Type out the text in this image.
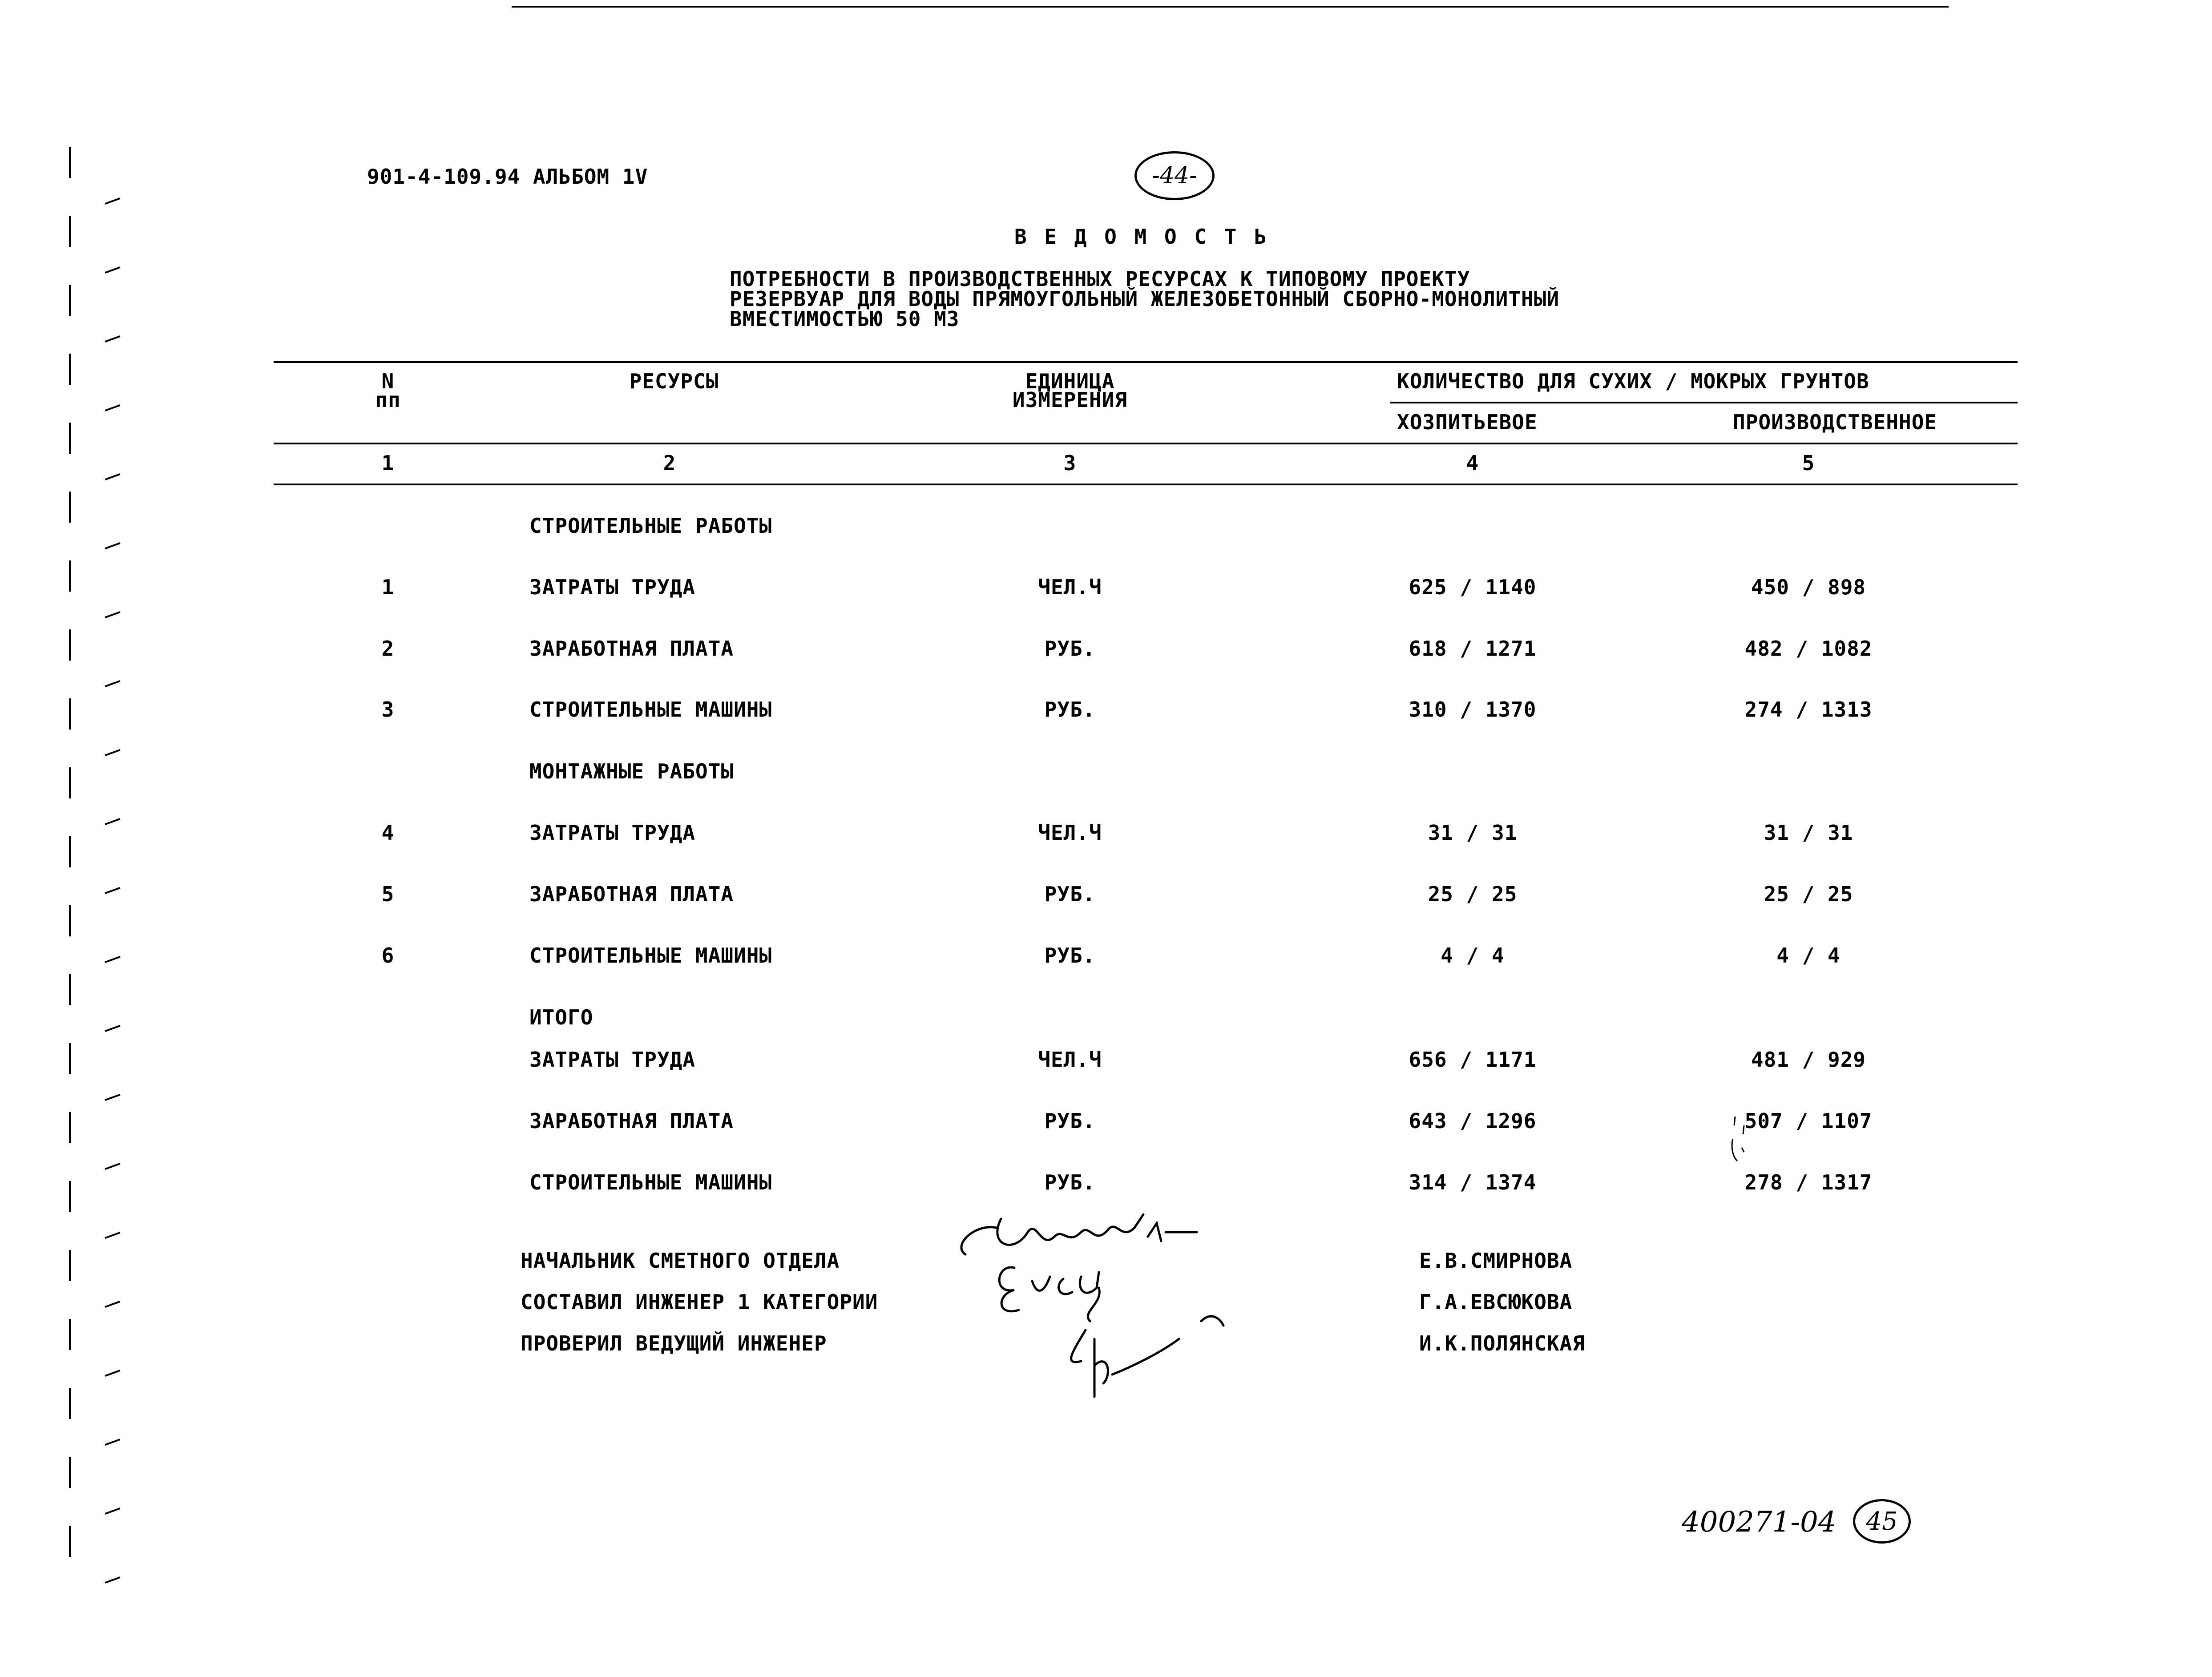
901-4-109.94 АЛЬБОМ 1V	-44-
В Е Д О М О С Т Ь
ПОТРЕБНОСТИ В ПРОИЗВОДСТВЕННЫХ РЕСУРСАХ К ТИПОВОМУ ПРОЕКТУ
РЕЗЕРВУАР ДЛЯ ВОДЫ ПРЯМОУГОЛЬНЫЙ ЖЕЛЕЗОБЕТОННЫЙ СБОРНО-МОНОЛИТНЫЙ
ВМЕСТИМОСТЬЮ 50 М3
N
пп
РЕСУРСЫ	ЕДИНИЦА
ИЗМЕРЕНИЯ
КОЛИЧЕСТВО ДЛЯ СУХИХ / МОКРЫХ ГРУНТОВ
ХОЗПИТЬЕВОЕ	ПРОИЗВОДСТВЕННОЕ
1	2	3	4	5
СТРОИТЕЛЬНЫЕ РАБОТЫ
1	ЗАТРАТЫ ТРУДА	ЧЕЛ.Ч	625 / 1140	450 / 898
2	ЗАРАБОТНАЯ ПЛАТА	РУБ.	618 / 1271	482 / 1082
3	СТРОИТЕЛЬНЫЕ МАШИНЫ	РУБ.	310 / 1370	274 / 1313
МОНТАЖНЫЕ РАБОТЫ
4	ЗАТРАТЫ ТРУДА	ЧЕЛ.Ч	31 / 31	31 / 31
5	ЗАРАБОТНАЯ ПЛАТА	РУБ.	25 / 25	25 / 25
6	СТРОИТЕЛЬНЫЕ МАШИНЫ	РУБ.	4 / 4	4 / 4
ИТОГО
ЗАТРАТЫ ТРУДА	ЧЕЛ.Ч	656 / 1171	481 / 929
ЗАРАБОТНАЯ ПЛАТА	РУБ.	643 / 1296	507 / 1107
СТРОИТЕЛЬНЫЕ МАШИНЫ	РУБ.	314 / 1374	278 / 1317
НАЧАЛЬНИК СМЕТНОГО ОТДЕЛА	Е.В.СМИРНОВА
СОСТАВИЛ ИНЖЕНЕР 1 КАТЕГОРИИ	Г.А.ЕВСЮКОВА
ПРОВЕРИЛ ВЕДУЩИЙ ИНЖЕНЕР	И.К.ПОЛЯНСКАЯ
400271-04 45
